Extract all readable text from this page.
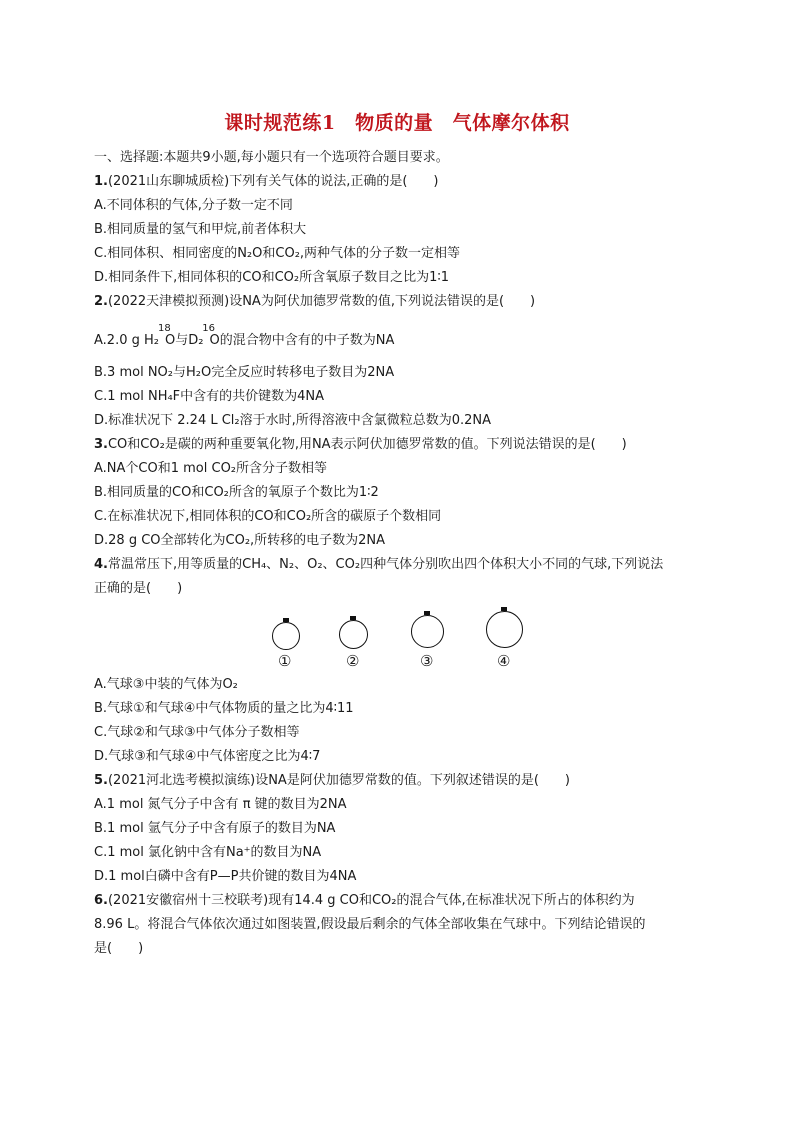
课时规范练1　物质的量　气体摩尔体积
一、选择题:本题共9小题,每小题只有一个选项符合题目要求。
1.(2021山东聊城质检)下列有关气体的说法,正确的是(　　)
A.不同体积的气体,分子数一定不同
B.相同质量的氢气和甲烷,前者体积大
C.相同体积、相同密度的N₂O和CO₂,两种气体的分子数一定相等
D.相同条件下,相同体积的CO和CO₂所含氧原子数目之比为1∶1
2.(2022天津模拟预测)设NA为阿伏加德罗常数的值,下列说法错误的是(　　)
A.2.0 g H₂
18
O与D₂
16
O的混合物中含有的中子数为NA
B.3 mol NO₂与H₂O完全反应时转移电子数目为2NA
C.1 mol NH₄F中含有的共价键数为4NA
D.标准状况下 2.24 L Cl₂溶于水时,所得溶液中含氯微粒总数为0.2NA
3.CO和CO₂是碳的两种重要氧化物,用NA表示阿伏加德罗常数的值。下列说法错误的是(　　)
A.NA个CO和1 mol CO₂所含分子数相等
B.相同质量的CO和CO₂所含的氧原子个数比为1∶2
C.在标准状况下,相同体积的CO和CO₂所含的碳原子个数相同
D.28 g CO全部转化为CO₂,所转移的电子数为2NA
4.常温常压下,用等质量的CH₄、N₂、O₂、CO₂四种气体分别吹出四个体积大小不同的气球,下列说法
正确的是(　　)
①	②	③	④
A.气球③中装的气体为O₂
B.气球①和气球④中气体物质的量之比为4∶11
C.气球②和气球③中气体分子数相等
D.气球③和气球④中气体密度之比为4∶7
5.(2021河北选考模拟演练)设NA是阿伏加德罗常数的值。下列叙述错误的是(　　)
A.1 mol 氮气分子中含有 π 键的数目为2NA
B.1 mol 氩气分子中含有原子的数目为NA
C.1 mol 氯化钠中含有Na⁺的数目为NA
D.1 mol白磷中含有P—P共价键的数目为4NA
6.(2021安徽宿州十三校联考)现有14.4 g CO和CO₂的混合气体,在标准状况下所占的体积约为
8.96 L。将混合气体依次通过如图装置,假设最后剩余的气体全部收集在气球中。下列结论错误的
是(　　)
